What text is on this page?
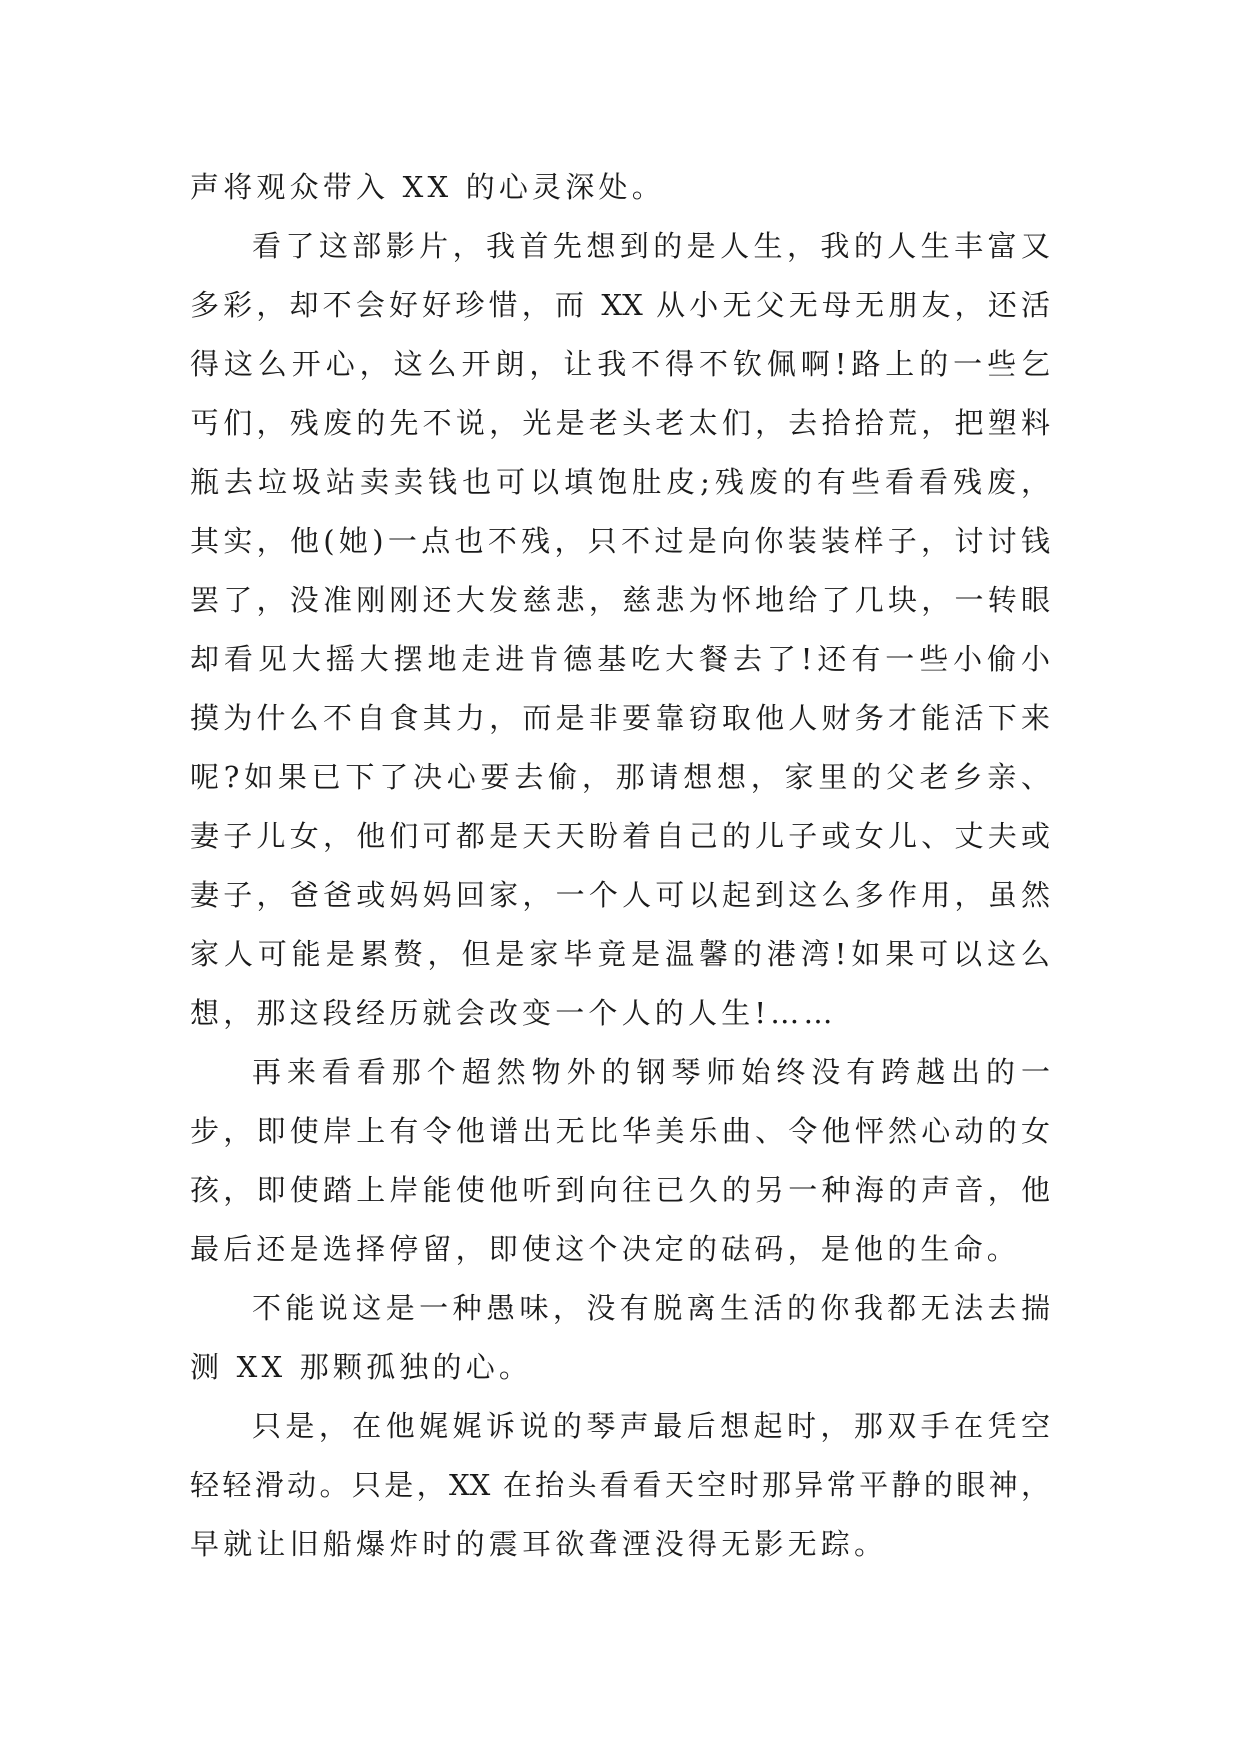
声将观众带入 XX 的心灵深处。
看了这部影片，我首先想到的是人生，我的人生丰富又
多彩，却不会好好珍惜，而 XX 从小无父无母无朋友，还活
得这么开心，这么开朗，让我不得不钦佩啊!路上的一些乞
丐们，残废的先不说，光是老头老太们，去拾拾荒，把塑料
瓶去垃圾站卖卖钱也可以填饱肚皮;残废的有些看看残废，
其实，他(她)一点也不残，只不过是向你装装样子，讨讨钱
罢了，没准刚刚还大发慈悲，慈悲为怀地给了几块，一转眼
却看见大摇大摆地走进肯德基吃大餐去了!还有一些小偷小
摸为什么不自食其力，而是非要靠窃取他人财务才能活下来
呢?如果已下了决心要去偷，那请想想，家里的父老乡亲、
妻子儿女，他们可都是天天盼着自己的儿子或女儿、丈夫或
妻子，爸爸或妈妈回家，一个人可以起到这么多作用，虽然
家人可能是累赘，但是家毕竟是温馨的港湾!如果可以这么
想，那这段经历就会改变一个人的人生!……
再来看看那个超然物外的钢琴师始终没有跨越出的一
步，即使岸上有令他谱出无比华美乐曲、令他怦然心动的女
孩，即使踏上岸能使他听到向往已久的另一种海的声音，他
最后还是选择停留，即使这个决定的砝码，是他的生命。
不能说这是一种愚味，没有脱离生活的你我都无法去揣
测 XX 那颗孤独的心。
只是，在他娓娓诉说的琴声最后想起时，那双手在凭空
轻轻滑动。只是，XX 在抬头看看天空时那异常平静的眼神，
早就让旧船爆炸时的震耳欲聋湮没得无影无踪。
